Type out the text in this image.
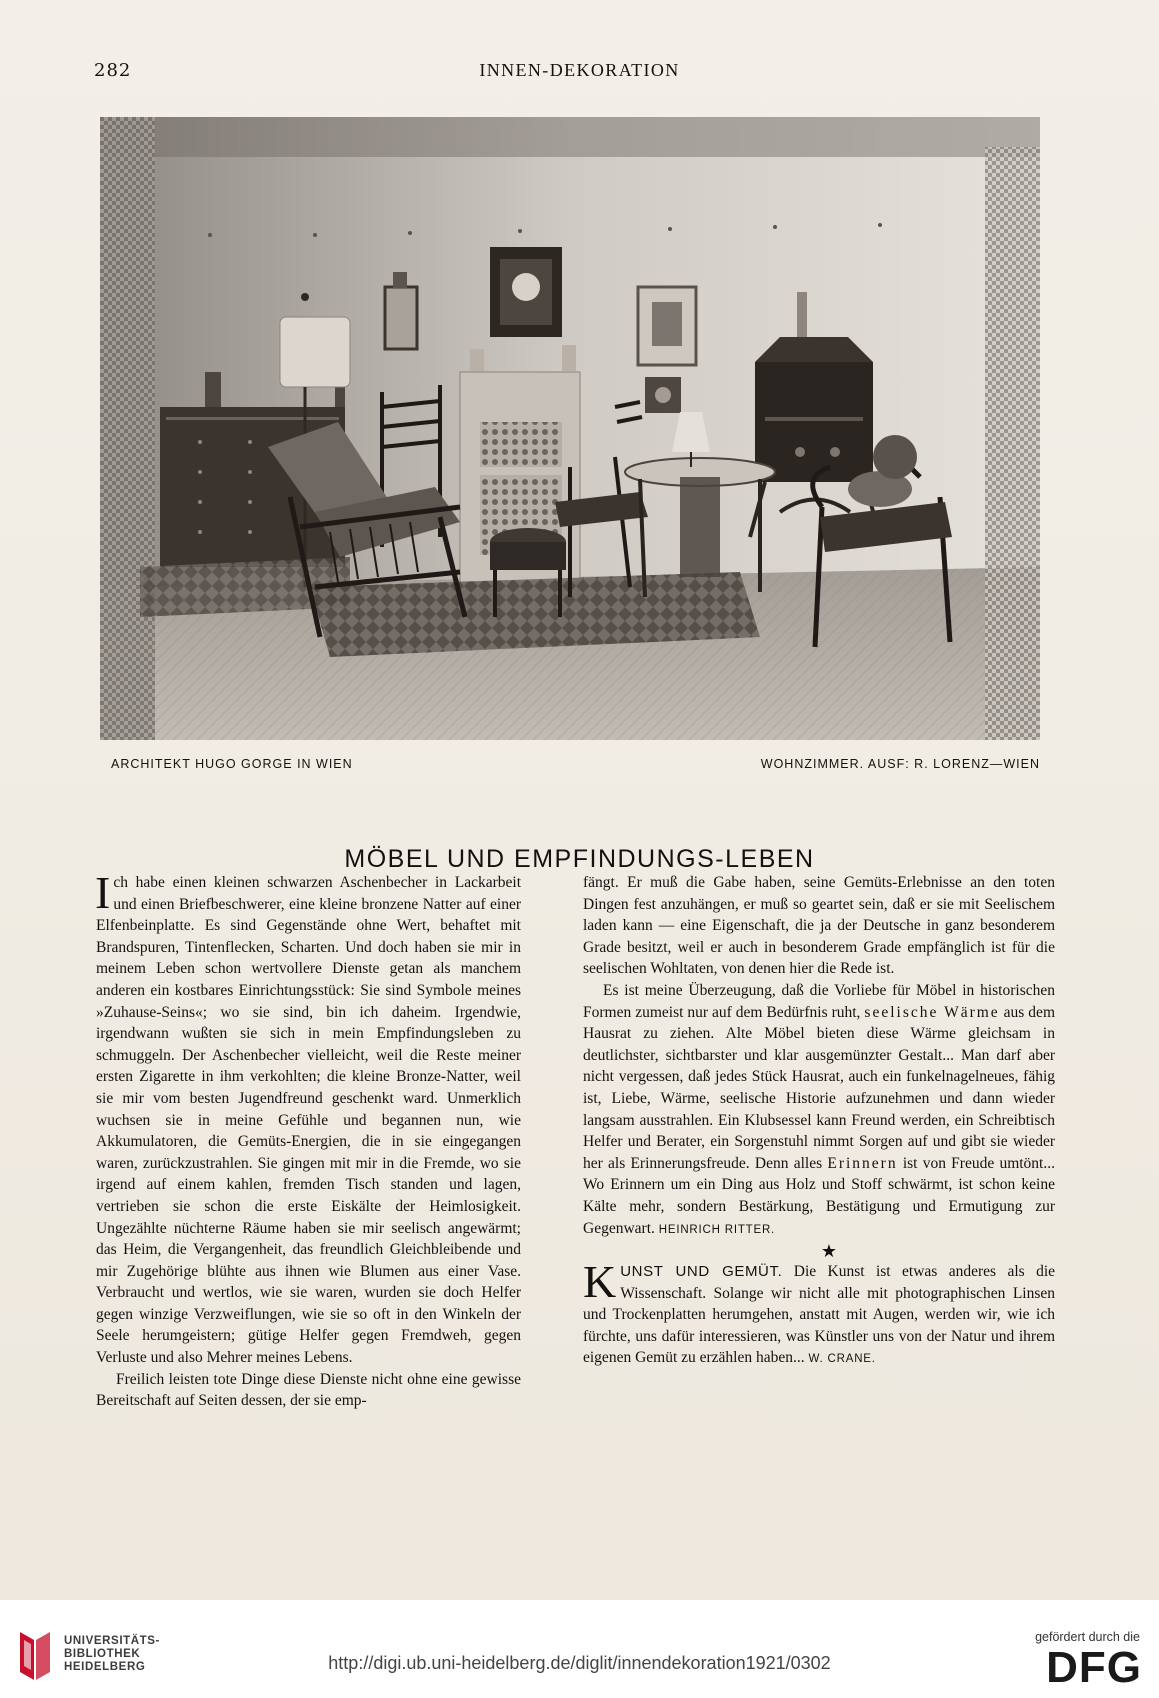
282	INNEN-DEKORATION
ARCHITEKT HUGO GORGE IN WIEN	WOHNZIMMER. AUSF: R. LORENZ—WIEN
MÖBEL UND EMPFINDUNGS-LEBEN

Ich habe einen kleinen schwarzen Aschenbecher in Lackarbeit und einen Briefbeschwerer, eine kleine bronzene Natter auf einer Elfenbeinplatte. Es sind Gegenstände ohne Wert, behaftet mit Brandspuren, Tintenflecken, Scharten. Und doch haben sie mir in meinem Leben schon wertvollere Dienste getan als manchem anderen ein kostbares Einrichtungsstück: Sie sind Symbole meines »Zuhause-Seins«; wo sie sind, bin ich daheim. Irgendwie, irgendwann wußten sie sich in mein Empfindungsleben zu schmuggeln. Der Aschenbecher vielleicht, weil die Reste meiner ersten Zigarette in ihm verkohlten; die kleine Bronze-Natter, weil sie mir vom besten Jugendfreund geschenkt ward. Unmerklich wuchsen sie in meine Gefühle und begannen nun, wie Akkumulatoren, die Gemüts-Energien, die in sie eingegangen waren, zurückzustrahlen. Sie gingen mit mir in die Fremde, wo sie irgend auf einem kahlen, fremden Tisch standen und lagen, vertrieben sie schon die erste Eiskälte der Heimlosigkeit. Ungezählte nüchterne Räume haben sie mir seelisch angewärmt; das Heim, die Vergangenheit, das freundlich Gleichbleibende und mir Zugehörige blühte aus ihnen wie Blumen aus einer Vase. Verbraucht und wertlos, wie sie waren, wurden sie doch Helfer gegen winzige Verzweiflungen, wie sie so oft in den Winkeln der Seele herumgeistern; gütige Helfer gegen Fremdweh, gegen Verluste und also Mehrer meines Lebens.

Freilich leisten tote Dinge diese Dienste nicht ohne eine gewisse Bereitschaft auf Seiten dessen, der sie emp-

fängt. Er muß die Gabe haben, seine Gemüts-Erlebnisse an den toten Dingen fest anzuhängen, er muß so geartet sein, daß er sie mit Seelischem laden kann — eine Eigenschaft, die ja der Deutsche in ganz besonderem Grade besitzt, weil er auch in besonderem Grade empfänglich ist für die seelischen Wohltaten, von denen hier die Rede ist.

Es ist meine Überzeugung, daß die Vorliebe für Möbel in historischen Formen zumeist nur auf dem Bedürfnis ruht, seelische Wärme aus dem Hausrat zu ziehen. Alte Möbel bieten diese Wärme gleichsam in deutlichster, sichtbarster und klar ausgemünzter Gestalt... Man darf aber nicht vergessen, daß jedes Stück Hausrat, auch ein funkelnagelneues, fähig ist, Liebe, Wärme, seelische Historie aufzunehmen und dann wieder langsam ausstrahlen. Ein Klubsessel kann Freund werden, ein Schreibtisch Helfer und Berater, ein Sorgenstuhl nimmt Sorgen auf und gibt sie wieder her als Erinnerungsfreude. Denn alles Erinnern ist von Freude umtönt... Wo Erinnern um ein Ding aus Holz und Stoff schwärmt, ist schon keine Kälte mehr, sondern Bestärkung, Bestätigung und Ermutigung zur Gegenwart. HEINRICH RITTER.

★

KUNST UND GEMÜT. Die Kunst ist etwas anderes als die Wissenschaft. Solange wir nicht alle mit photographischen Linsen und Trockenplatten herumgehen, anstatt mit Augen, werden wir, wie ich fürchte, uns dafür interessieren, was Künstler uns von der Natur und ihrem eigenen Gemüt zu erzählen haben... W. CRANE.

UNIVERSITÄTS-
BIBLIOTHEK
HEIDELBERG	http://digi.ub.uni-heidelberg.de/diglit/innendekoration1921/0302
gefördert durch die
DFG
